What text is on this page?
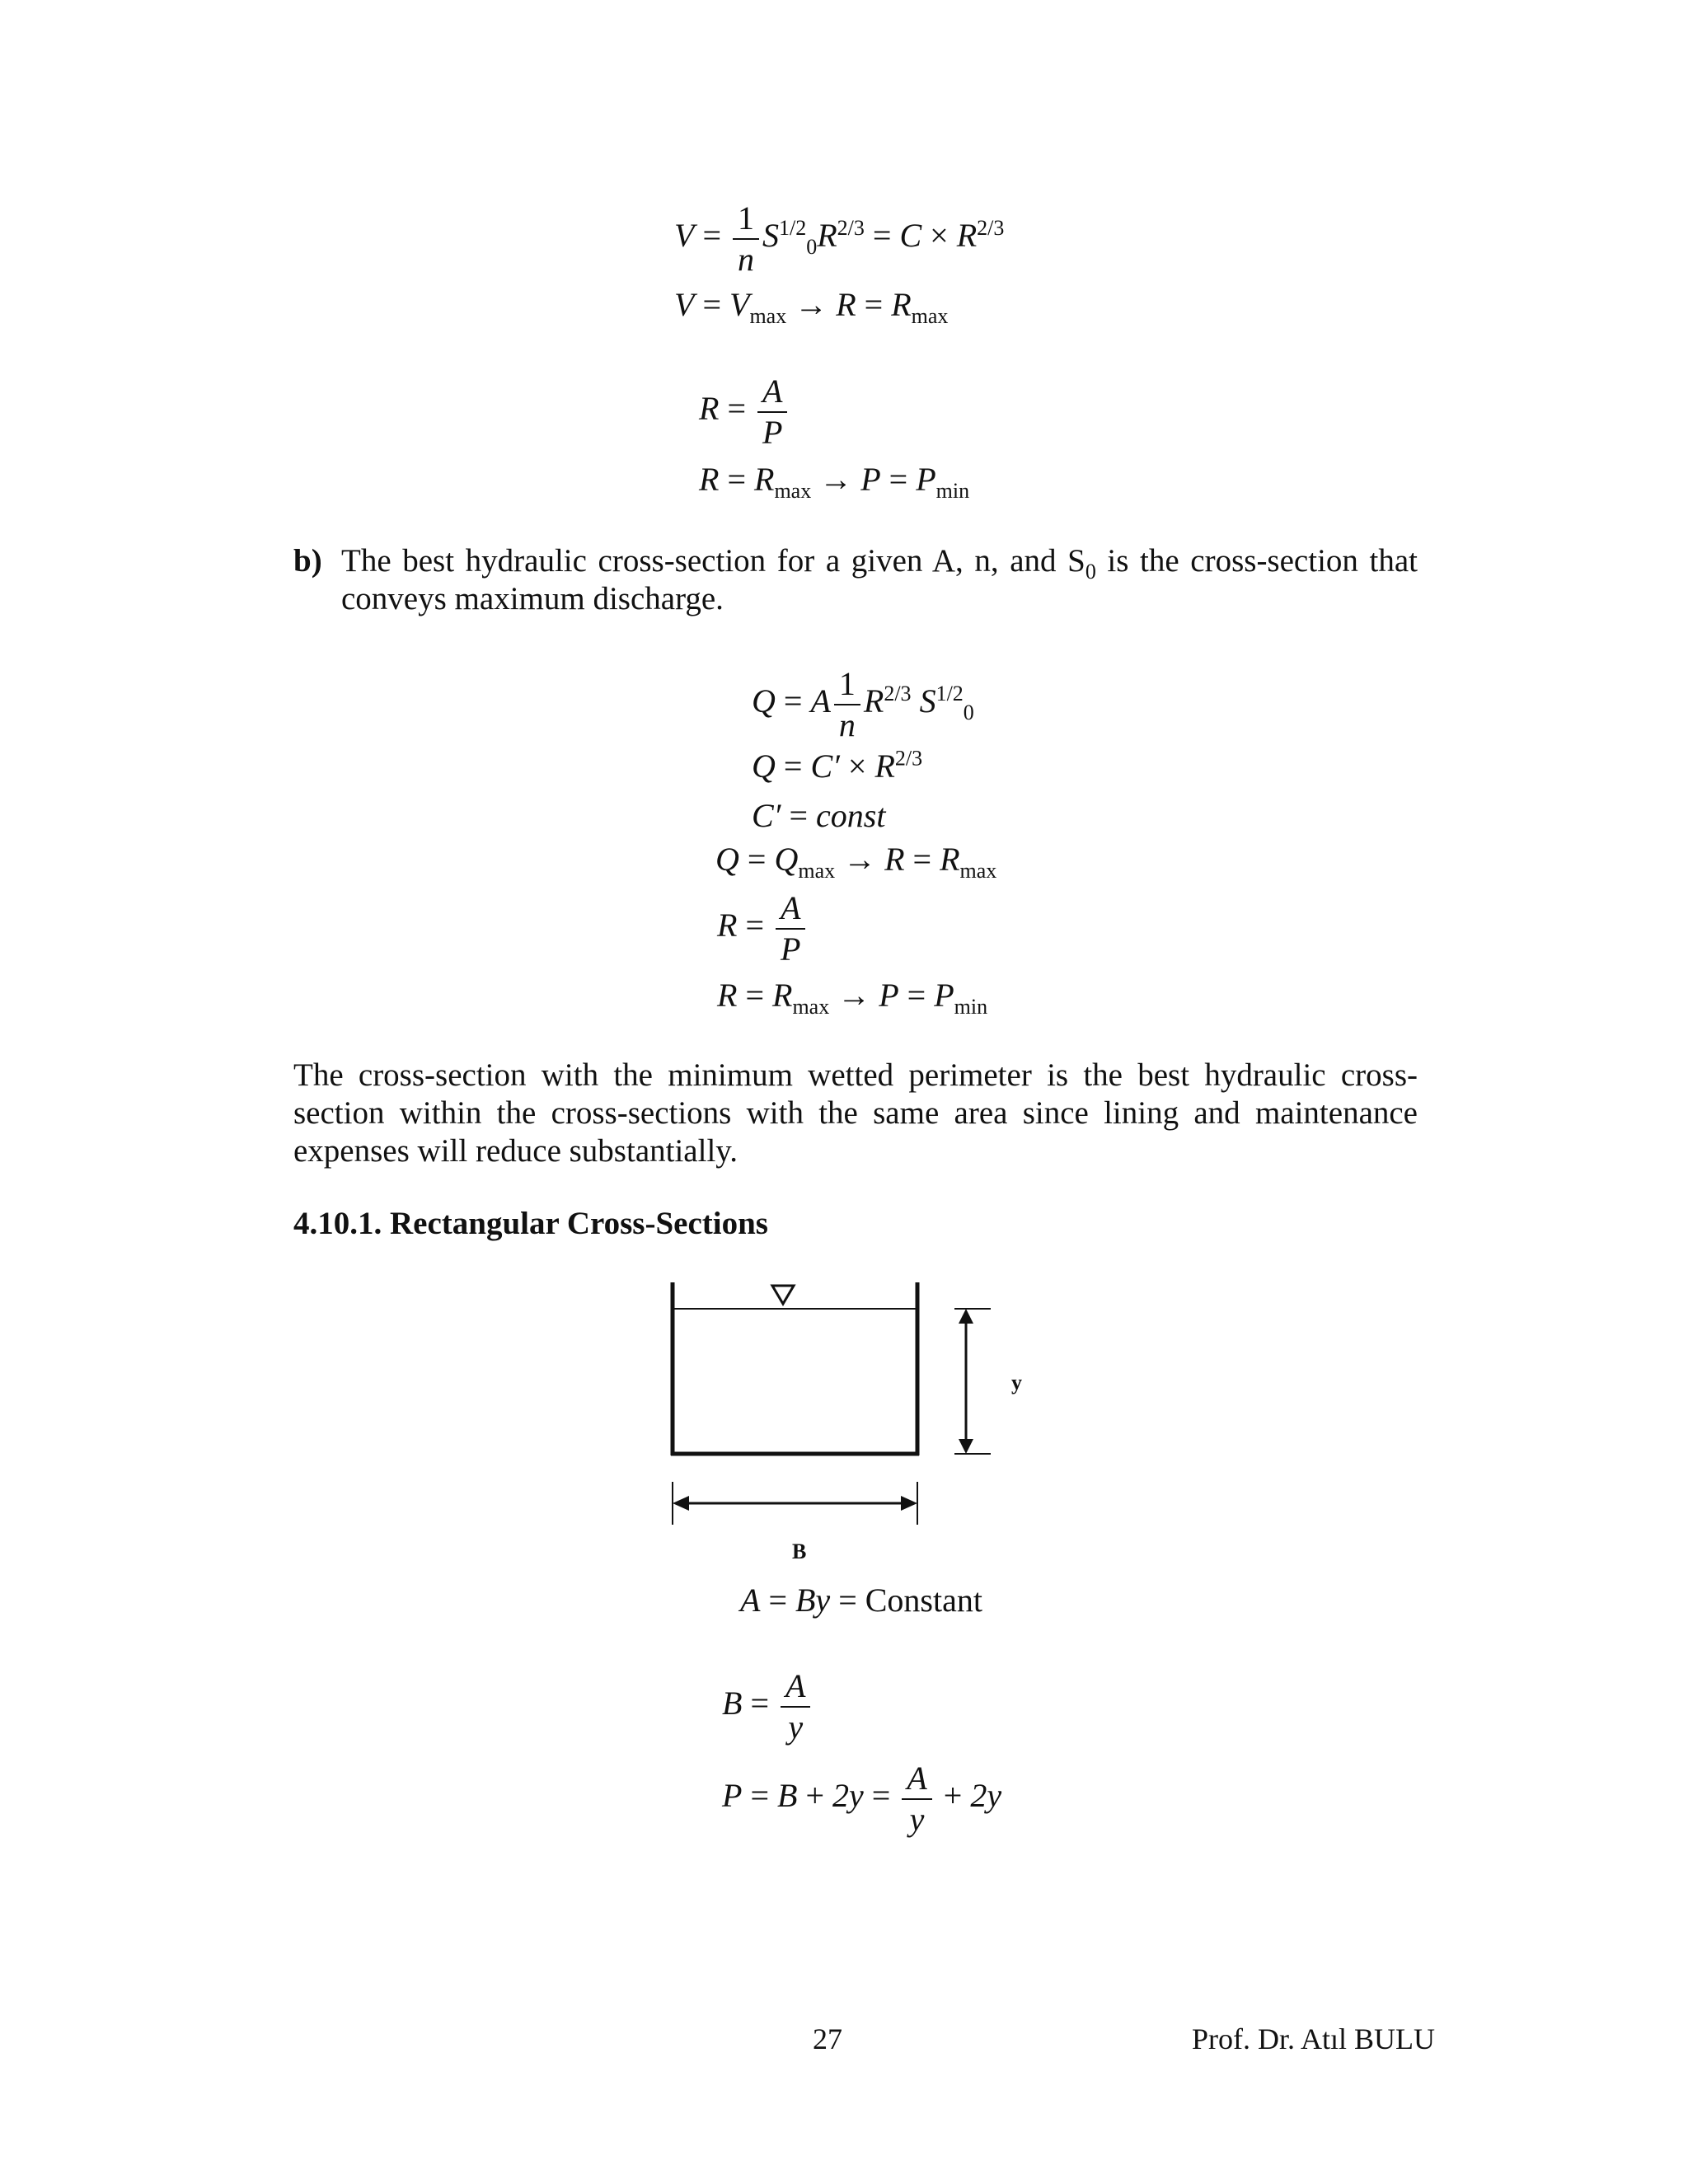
$V = \frac{1}{n} S^{1/2}_0R^{2/3} = C \times R^{2/3}$
$V = V_{max} \to R = R_{max}$
$R = \frac{A}{P}$
$R = R_{max} \to P = P_{min}$
b) The best hydraulic cross-section for a given A, n, and $S_0$ is the cross-section that
conveys maximum discharge.
Q = A $\frac{1}{n} R^{2/3}$ $S^{1/2}_0$
$Q = C' \times R^{2/3}$
C′ = const
$Q = Q_{max} \to R = R_{max}$
$R = \frac{A}{P}$
$R = R_{max} \to P = P_{min}$
The cross-section with the minimum wetted perimeter is the best hydraulic cross-section within the cross-sections with the same area since lining and maintenance expenses will reduce substantially.
4.10.1. Rectangular Cross-Sections
y
B
A = By = Constant
$B = \frac{A}{y}$
$P = B + 2y = \frac{A}{y} + 2y$
27	Prof. Dr. Atıl BULU
